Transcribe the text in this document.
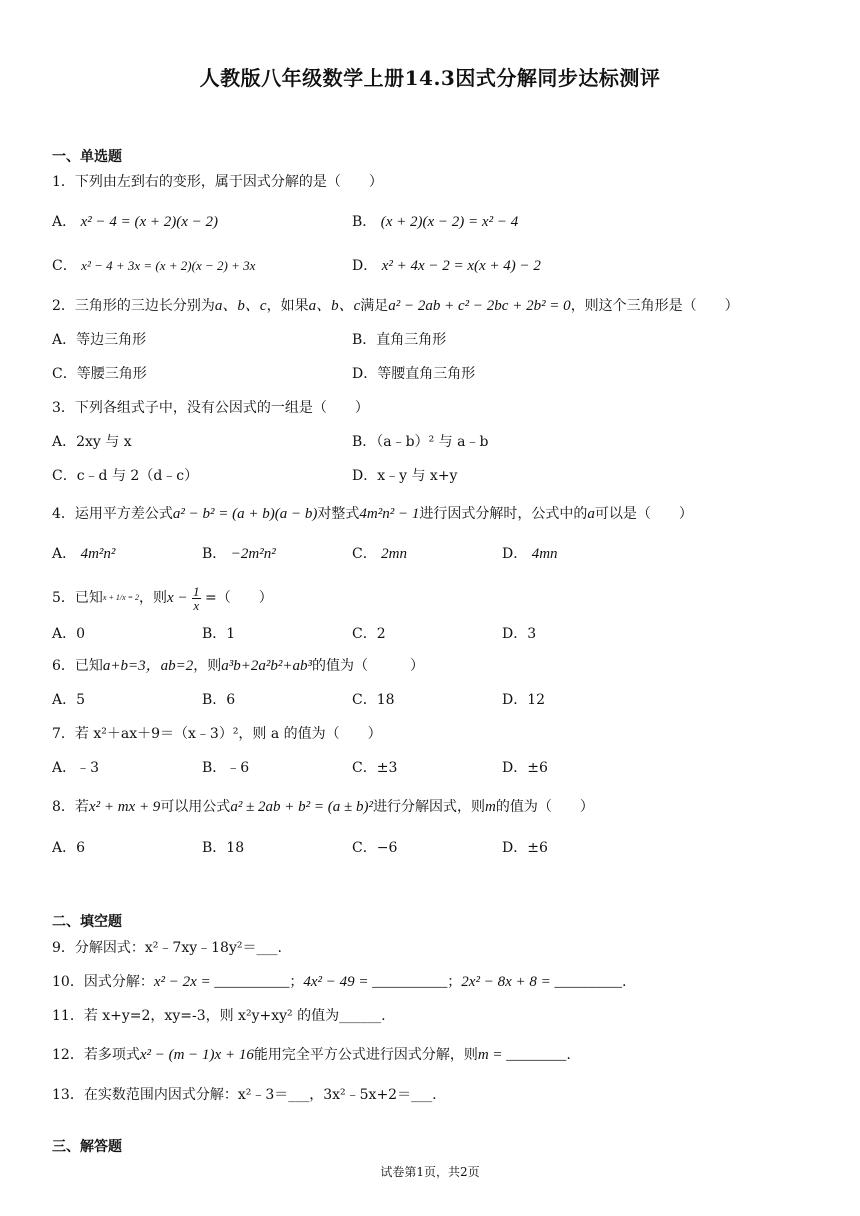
人教版八年级数学上册14.3因式分解同步达标测评
一、单选题
1．下列由左到右的变形，属于因式分解的是（　　）
A． x² − 4 = (x + 2)(x − 2)	B． (x + 2)(x − 2) = x² − 4
C． x² − 4 + 3x = (x + 2)(x − 2) + 3x	D． x² + 4x − 2 = x(x + 4) − 2
2．三角形的三边长分别为a、b、c，如果a、b、c满足a² − 2ab + c² − 2bc + 2b² = 0，则这个三角形是（　　）
A．等边三角形	B．直角三角形
C．等腰三角形	D．等腰直角三角形
3．下列各组式子中，没有公因式的一组是（　　）
A．2xy 与 x	B．（a﹣b）² 与 a﹣b
C．c﹣d 与 2（d﹣c）	D．x﹣y 与 x+y
4．运用平方差公式a² − b² = (a + b)(a − b)对整式4m²n² − 1进行因式分解时，公式中的a可以是（　　）
A． 4m²n²	B． −2m²n²	C． 2mn	D． 4mn
5．已知x + 1/x = 2，则$x - \frac{1}{x}$ =（　　）
A．0	B．1	C．2	D．3
6．已知a+b=3，ab=2，则a³b+2a²b²+ab³的值为（　　　）
A．5	B．6	C．18	D．12
7．若 x²＋ax＋9＝（x﹣3）²，则 a 的值为（　　）
A．﹣3	B．﹣6	C．±3	D．±6
8．若x² + mx + 9可以用公式a² ± 2ab + b² = (a ± b)²进行分解因式，则m的值为（　　）
A．6	B．18	C．−6	D．±6
二、填空题
9．分解因式：x²﹣7xy﹣18y²＝___.
10．因式分解：x² − 2x = __________；4x² − 49 = __________；2x² − 8x + 8 = _________.
11．若 x+y=2，xy=-3，则 x²y+xy² 的值为______.
12．若多项式x² − (m − 1)x + 16能用完全平方公式进行因式分解，则m = ________.
13．在实数范围内因式分解：x²﹣3＝___，3x²﹣5x+2＝___.
三、解答题
试卷第1页，共2页
